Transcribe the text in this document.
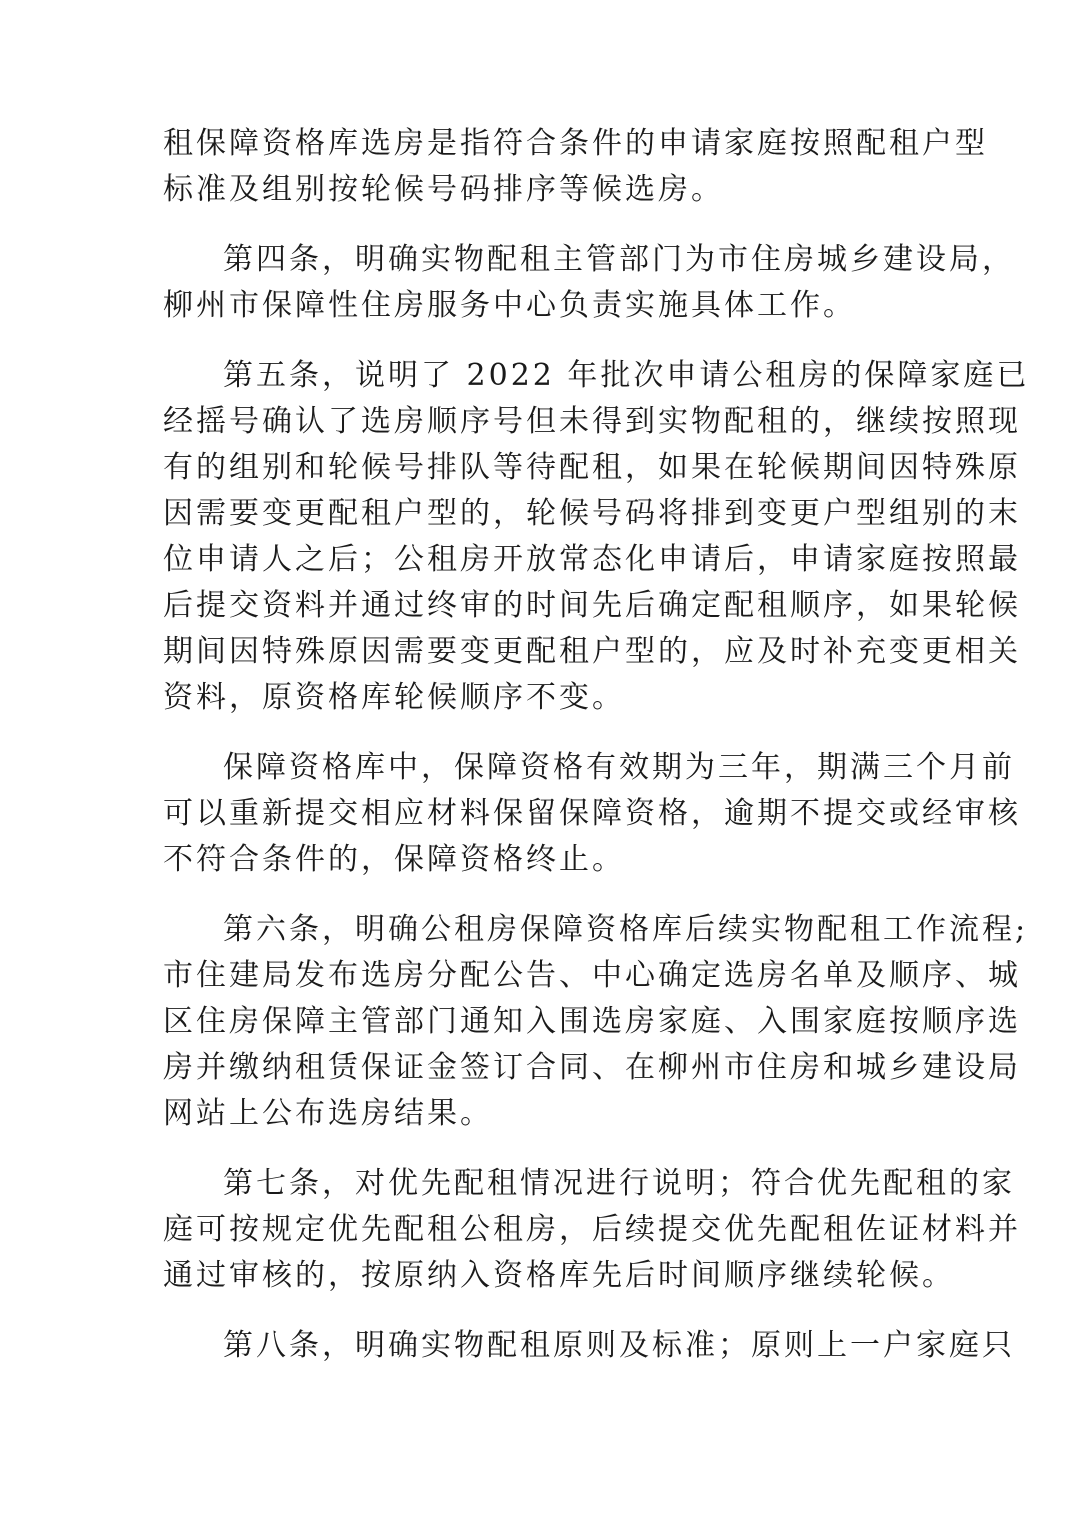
租保障资格库选房是指符合条件的申请家庭按照配租户型
标准及组别按轮候号码排序等候选房。
第四条，明确实物配租主管部门为市住房城乡建设局，
柳州市保障性住房服务中心负责实施具体工作。
第五条，说明了 2022 年批次申请公租房的保障家庭已
经摇号确认了选房顺序号但未得到实物配租的，继续按照现
有的组别和轮候号排队等待配租，如果在轮候期间因特殊原
因需要变更配租户型的，轮候号码将排到变更户型组别的末
位申请人之后；公租房开放常态化申请后，申请家庭按照最
后提交资料并通过终审的时间先后确定配租顺序，如果轮候
期间因特殊原因需要变更配租户型的，应及时补充变更相关
资料，原资格库轮候顺序不变。
保障资格库中，保障资格有效期为三年，期满三个月前
可以重新提交相应材料保留保障资格，逾期不提交或经审核
不符合条件的，保障资格终止。
第六条，明确公租房保障资格库后续实物配租工作流程;
市住建局发布选房分配公告、中心确定选房名单及顺序、城
区住房保障主管部门通知入围选房家庭、入围家庭按顺序选
房并缴纳租赁保证金签订合同、在柳州市住房和城乡建设局
网站上公布选房结果。
第七条，对优先配租情况进行说明；符合优先配租的家
庭可按规定优先配租公租房，后续提交优先配租佐证材料并
通过审核的，按原纳入资格库先后时间顺序继续轮候。
第八条，明确实物配租原则及标准；原则上一户家庭只
